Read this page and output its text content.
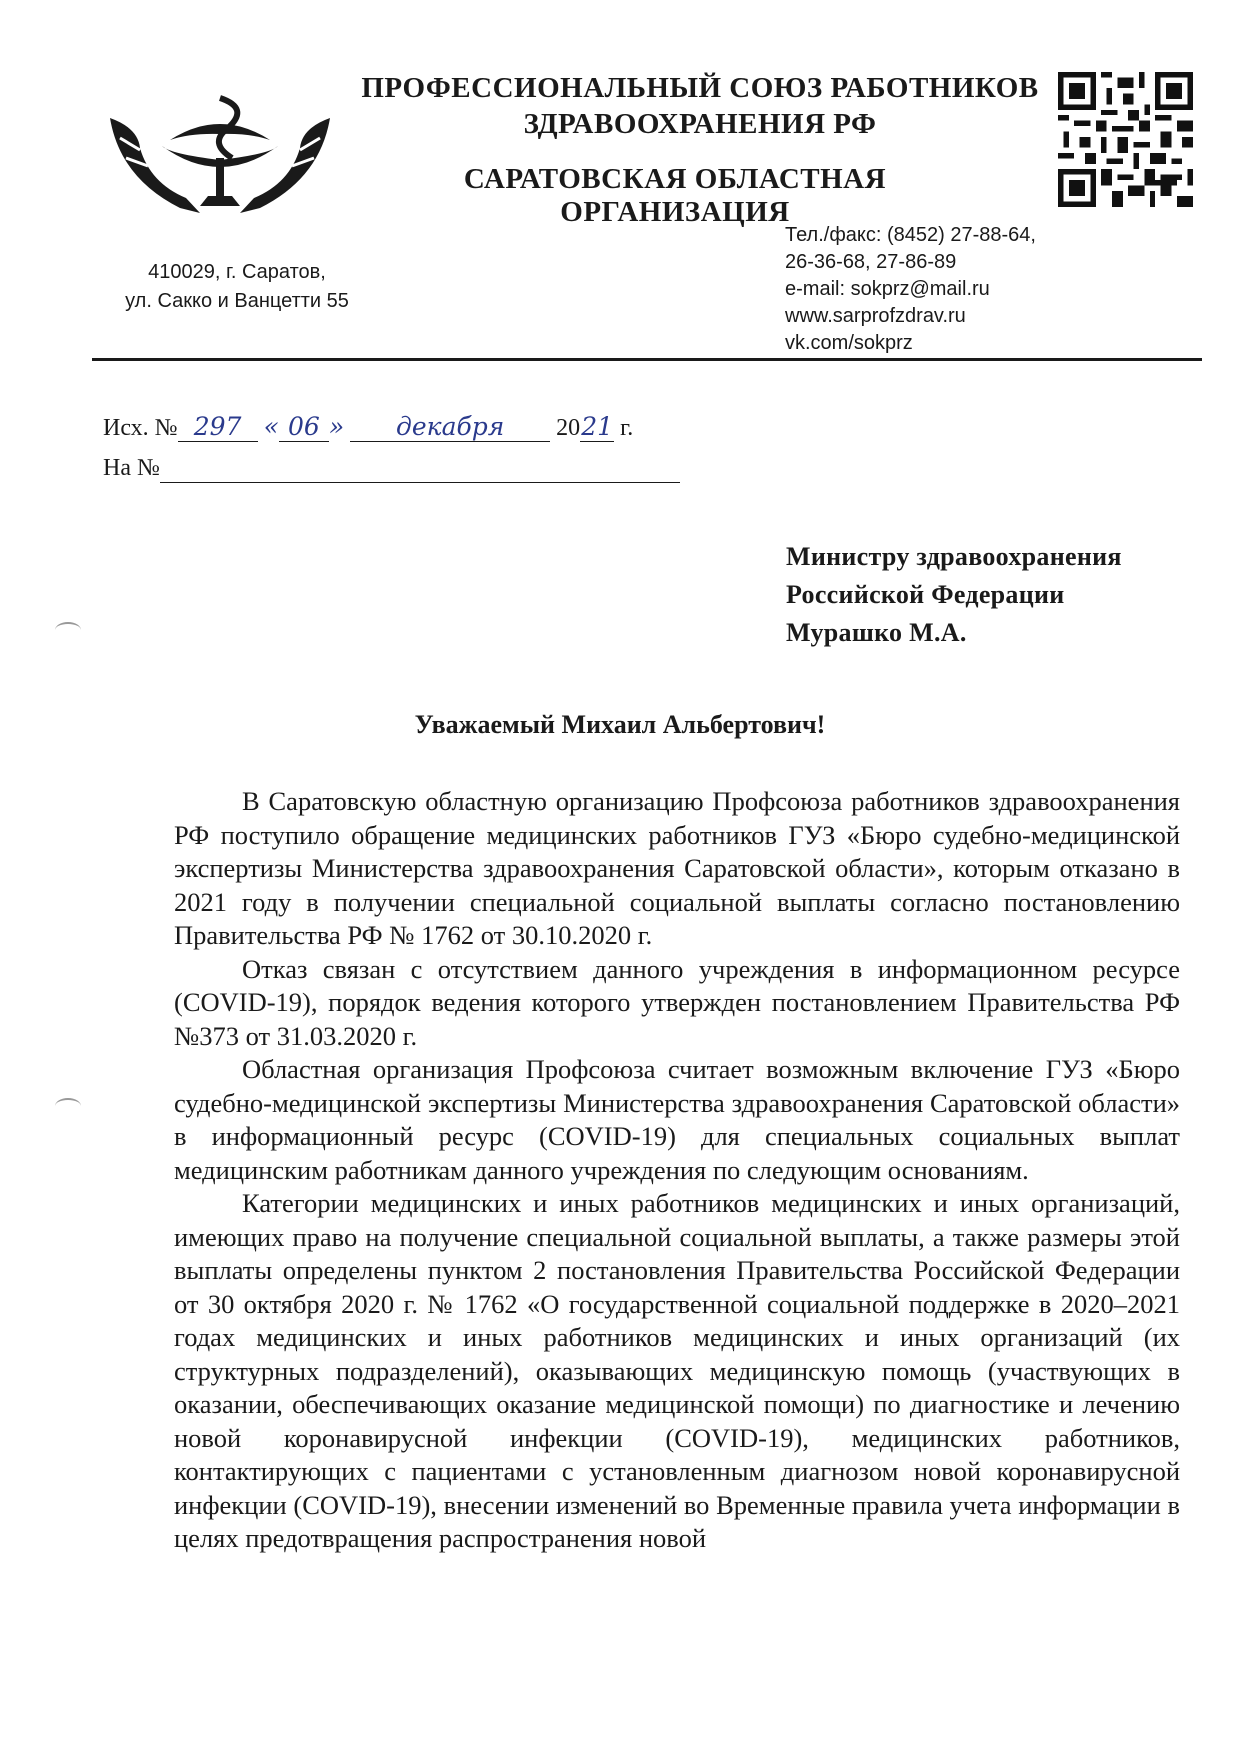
ПРОФЕССИОНАЛЬНЫЙ СОЮЗ РАБОТНИКОВ
ЗДРАВООХРАНЕНИЯ РФ
САРАТОВСКАЯ ОБЛАСТНАЯ ОРГАНИЗАЦИЯ
410029, г. Саратов,
ул. Сакко и Ванцетти 55
Тел./факс: (8452) 27-88-64,
26-36-68, 27-86-89
e-mail: sokprz@mail.ru
www.sarprofzdrav.ru
vk.com/sokprz
Исх. № 297 « 06 » декабря 2021 г.
На №
Министру здравоохранения
Российской Федерации
Мурашко М.А.
Уважаемый Михаил Альбертович!

В Саратовскую областную организацию Профсоюза работников здравоохранения РФ поступило обращение медицинских работников ГУЗ «Бюро судебно-медицинской экспертизы Министерства здравоохранения Саратовской области», которым отказано в 2021 году в получении специальной социальной выплаты согласно постановлению Правительства РФ № 1762 от 30.10.2020 г.

Отказ связан с отсутствием данного учреждения в информационном ресурсе (COVID-19), порядок ведения которого утвержден постановлением Правительства РФ №373 от 31.03.2020 г.

Областная организация Профсоюза считает возможным включение ГУЗ «Бюро судебно-медицинской экспертизы Министерства здравоохранения Саратовской области» в информационный ресурс (COVID-19) для специальных социальных выплат медицинским работникам данного учреждения по следующим основаниям.

Категории медицинских и иных работников медицинских и иных организаций, имеющих право на получение специальной социальной выплаты, а также размеры этой выплаты определены пунктом 2 постановления Правительства Российской Федерации от 30 октября 2020 г. № 1762 «О государственной социальной поддержке в 2020–2021 годах медицинских и иных работников медицинских и иных организаций (их структурных подразделений), оказывающих медицинскую помощь (участвующих в оказании, обеспечивающих оказание медицинской помощи) по диагностике и лечению новой коронавирусной инфекции (COVID-19), медицинских работников, контактирующих с пациентами с установленным диагнозом новой коронавирусной инфекции (COVID-19), внесении изменений во Временные правила учета информации в целях предотвращения распространения новой
